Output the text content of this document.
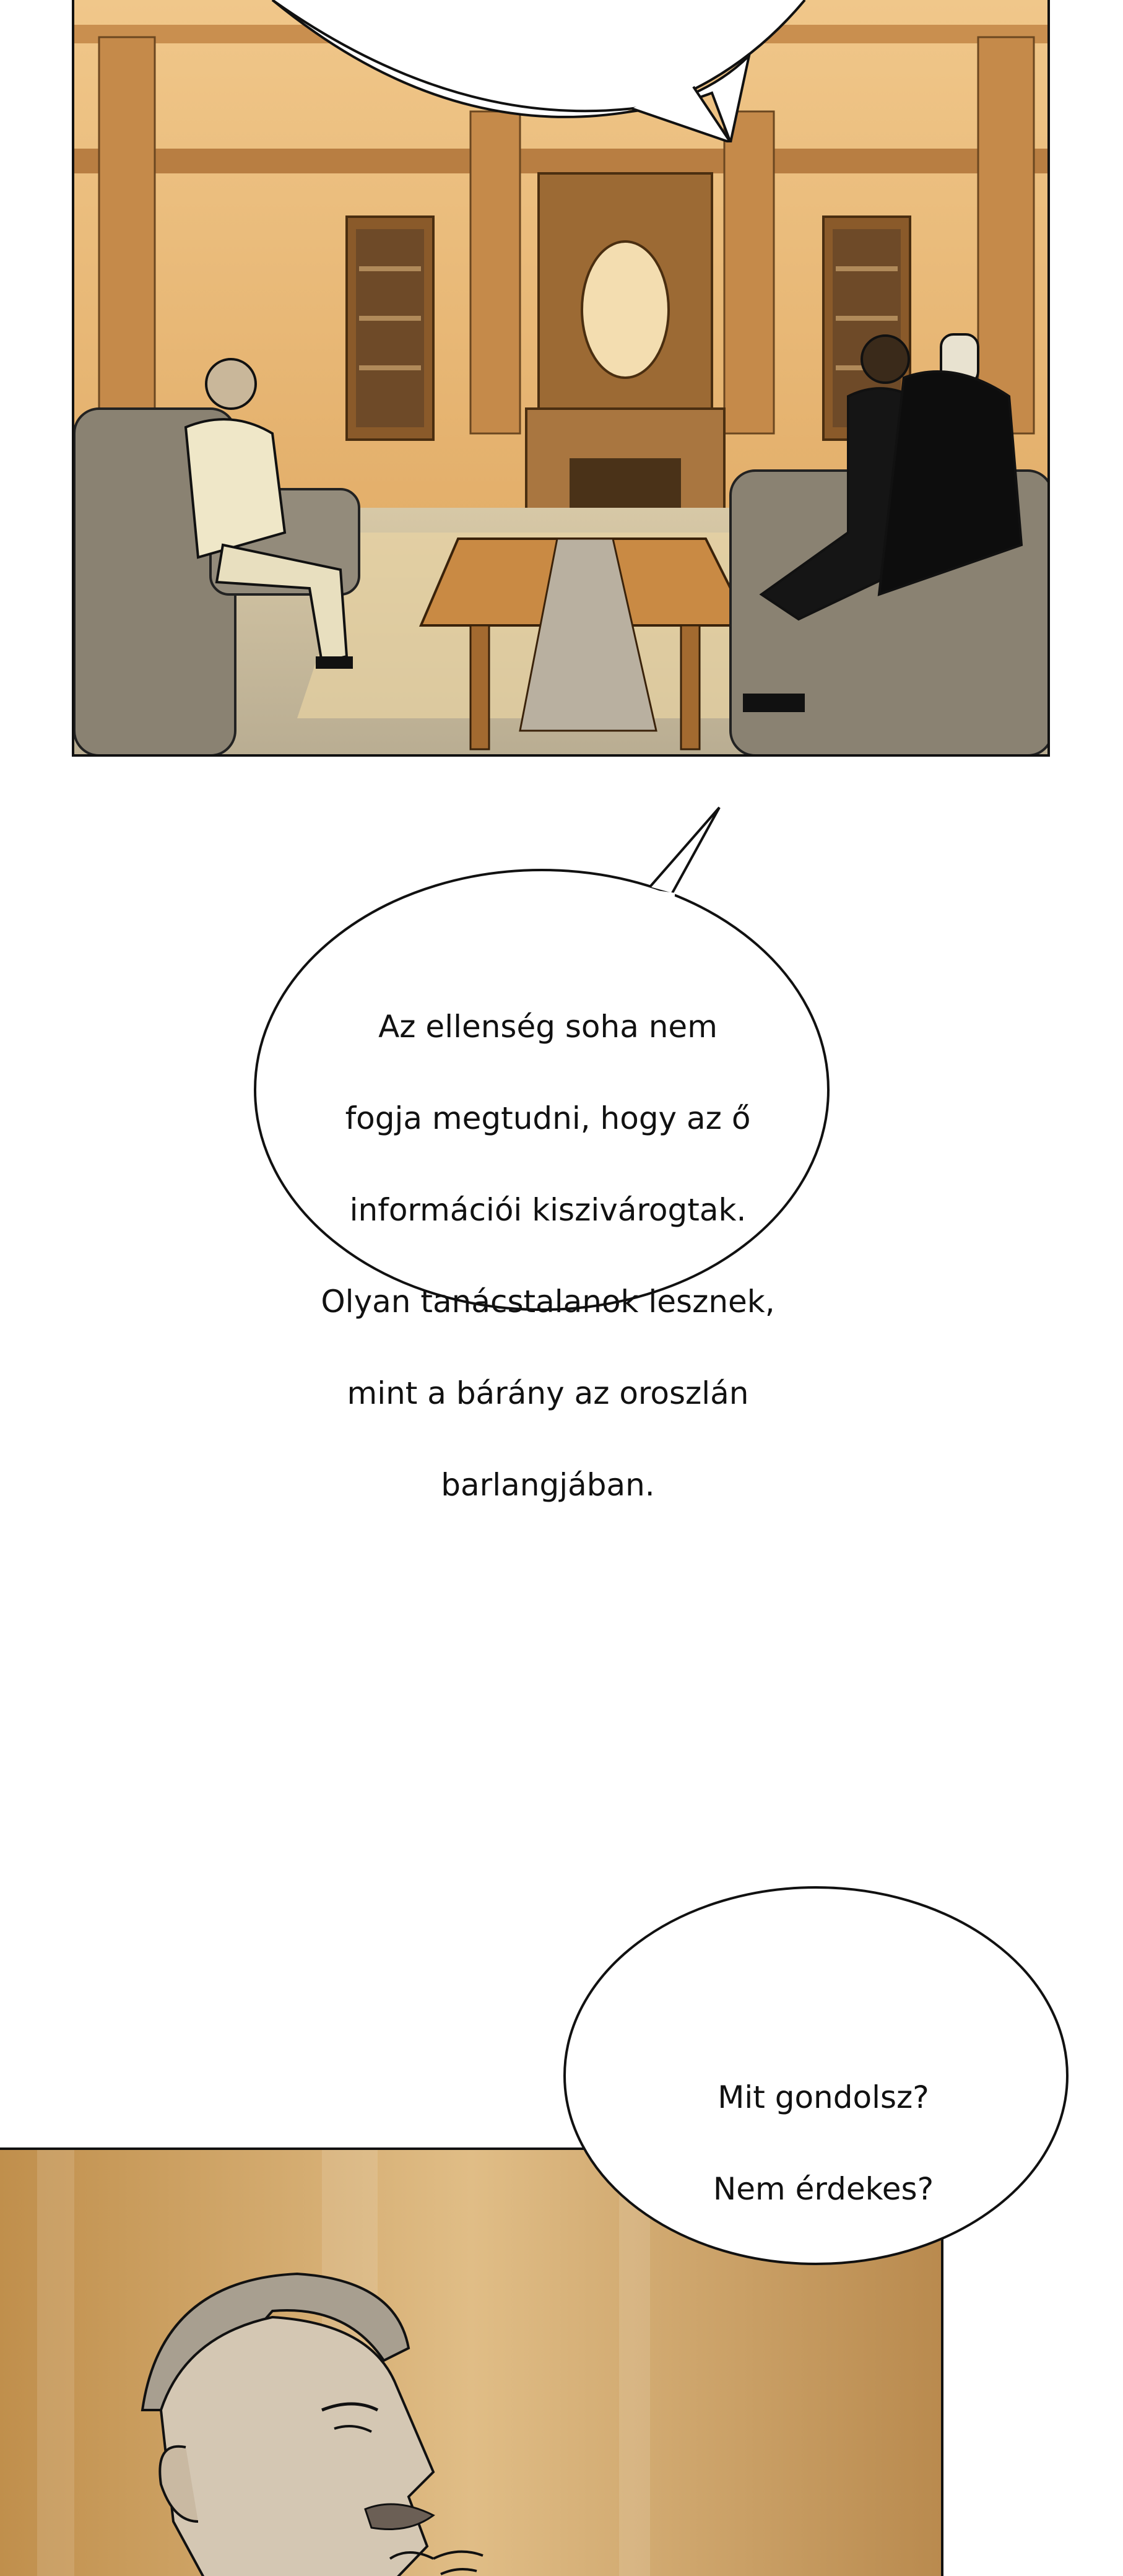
Az ellenség soha nem

fogja megtudni, hogy az ő

információi kiszivárogtak.

Olyan tanácstalanok lesznek,

mint a bárány az oroszlán

barlangjában.

Mit gondolsz?

Nem érdekes?
